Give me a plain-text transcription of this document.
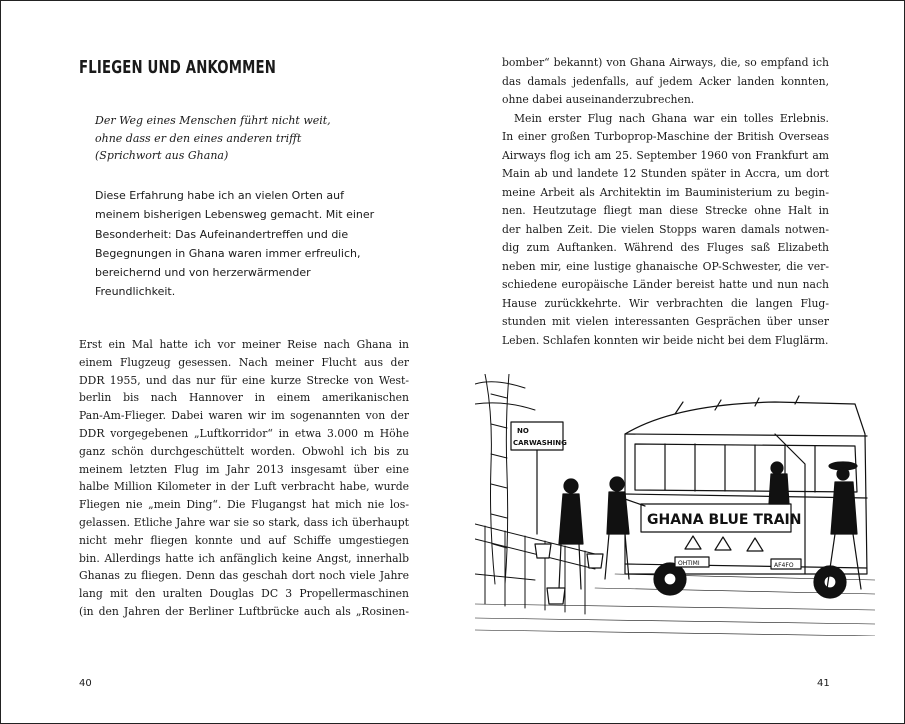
FLIEGEN UND ANKOMMEN
Der Weg eines Menschen führt nicht weit,
ohne dass er den eines anderen trifft
(Sprichwort aus Ghana)
Diese Erfahrung habe ich an vielen Orten auf
meinem bisherigen Lebensweg gemacht. Mit einer
Besonderheit: Das Aufeinandertreffen und die
Begegnungen in Ghana waren immer erfreulich,
bereichernd und von herzerwärmender
Freundlichkeit.
Erst ein Mal hatte ich vor meiner Reise nach Ghana in
einem Flugzeug gesessen. Nach meiner Flucht aus der
DDR 1955, und das nur für eine kurze Strecke von West-
berlin bis nach Hannover in einem amerikanischen
Pan-Am-Flieger. Dabei waren wir im sogenannten von der
DDR vorgegebenen „Luftkorridor“ in etwa 3.000 m Höhe
ganz schön durchgeschüttelt worden. Obwohl ich bis zu
meinem letzten Flug im Jahr 2013 insgesamt über eine
halbe Million Kilometer in der Luft verbracht habe, wurde
Fliegen nie „mein Ding“. Die Flugangst hat mich nie los-
gelassen. Etliche Jahre war sie so stark, dass ich überhaupt
nicht mehr fliegen konnte und auf Schiffe umgestiegen
bin. Allerdings hatte ich anfänglich keine Angst, innerhalb
Ghanas zu fliegen. Denn das geschah dort noch viele Jahre
lang mit den uralten Douglas DC 3 Propellermaschinen
(in den Jahren der Berliner Luftbrücke auch als „Rosinen-
40
bomber“ bekannt) von Ghana Airways, die, so empfand ich
das damals jedenfalls, auf jedem Acker landen konnten,
ohne dabei auseinanderzubrechen.
Mein erster Flug nach Ghana war ein tolles Erlebnis.
In einer großen Turboprop-Maschine der British Overseas
Airways flog ich am 25. September 1960 von Frankfurt am
Main ab und landete 12 Stunden später in Accra, um dort
meine Arbeit als Architektin im Bauministerium zu begin-
nen. Heutzutage fliegt man diese Strecke ohne Halt in
der halben Zeit. Die vielen Stopps waren damals notwen-
dig zum Auftanken. Während des Fluges saß Elizabeth
neben mir, eine lustige ghanaische OP-Schwester, die ver-
schiedene europäische Länder bereist hatte und nun nach
Hause zurückkehrte. Wir verbrachten die langen Flug-
stunden mit vielen interessanten Gesprächen über unser
Leben. Schlafen konnten wir beide nicht bei dem Fluglärm.
NO
CARWASHING
GHANA BLUE TRAIN
OHTIMI	AF4FO
41
